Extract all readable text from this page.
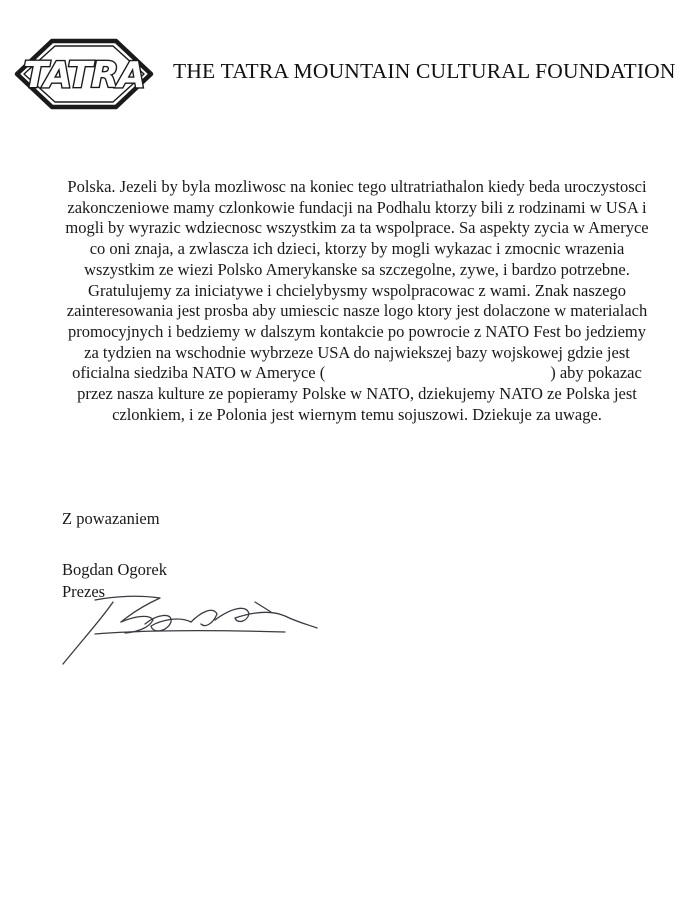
TATRA THE TATRA MOUNTAIN CULTURAL FOUNDATION

Polska. Jezeli by byla mozliwosc na koniec tego ultratriathalon kiedy beda uroczystosci zakonczeniowe mamy czlonkowie fundacji na Podhalu ktorzy bili z rodzinami w USA i mogli by wyrazic wdziecnosc wszystkim za ta wspolprace. Sa aspekty zycia w Ameryce co oni znaja, a zwlascza ich dzieci, ktorzy by mogli wykazac i zmocnic wrazenia wszystkim ze wiezi Polsko Amerykanske sa szczegolne, zywe, i bardzo potrzebne.

Gratulujemy za iniciatywe i chcielybysmy wspolpracowac z wami. Znak naszego zainteresowania jest prosba aby umiescic nasze logo ktory jest dolaczone w materialach promocyjnych i bedziemy w dalszym kontakcie po powrocie z NATO Fest bo jedziemy za tydzien na wschodnie wybrzeze USA do najwiekszej bazy wojskowej gdzie jest oficialna siedziba NATO w Ameryce (	) aby pokazac przez nasza kulture ze popieramy Polske w NATO, dziekujemy NATO ze Polska jest czlonkiem, i ze Polonia jest wiernym temu sojuszowi. Dziekuje za uwage.

Z powazaniem
Bogdan Ogorek
Prezes
